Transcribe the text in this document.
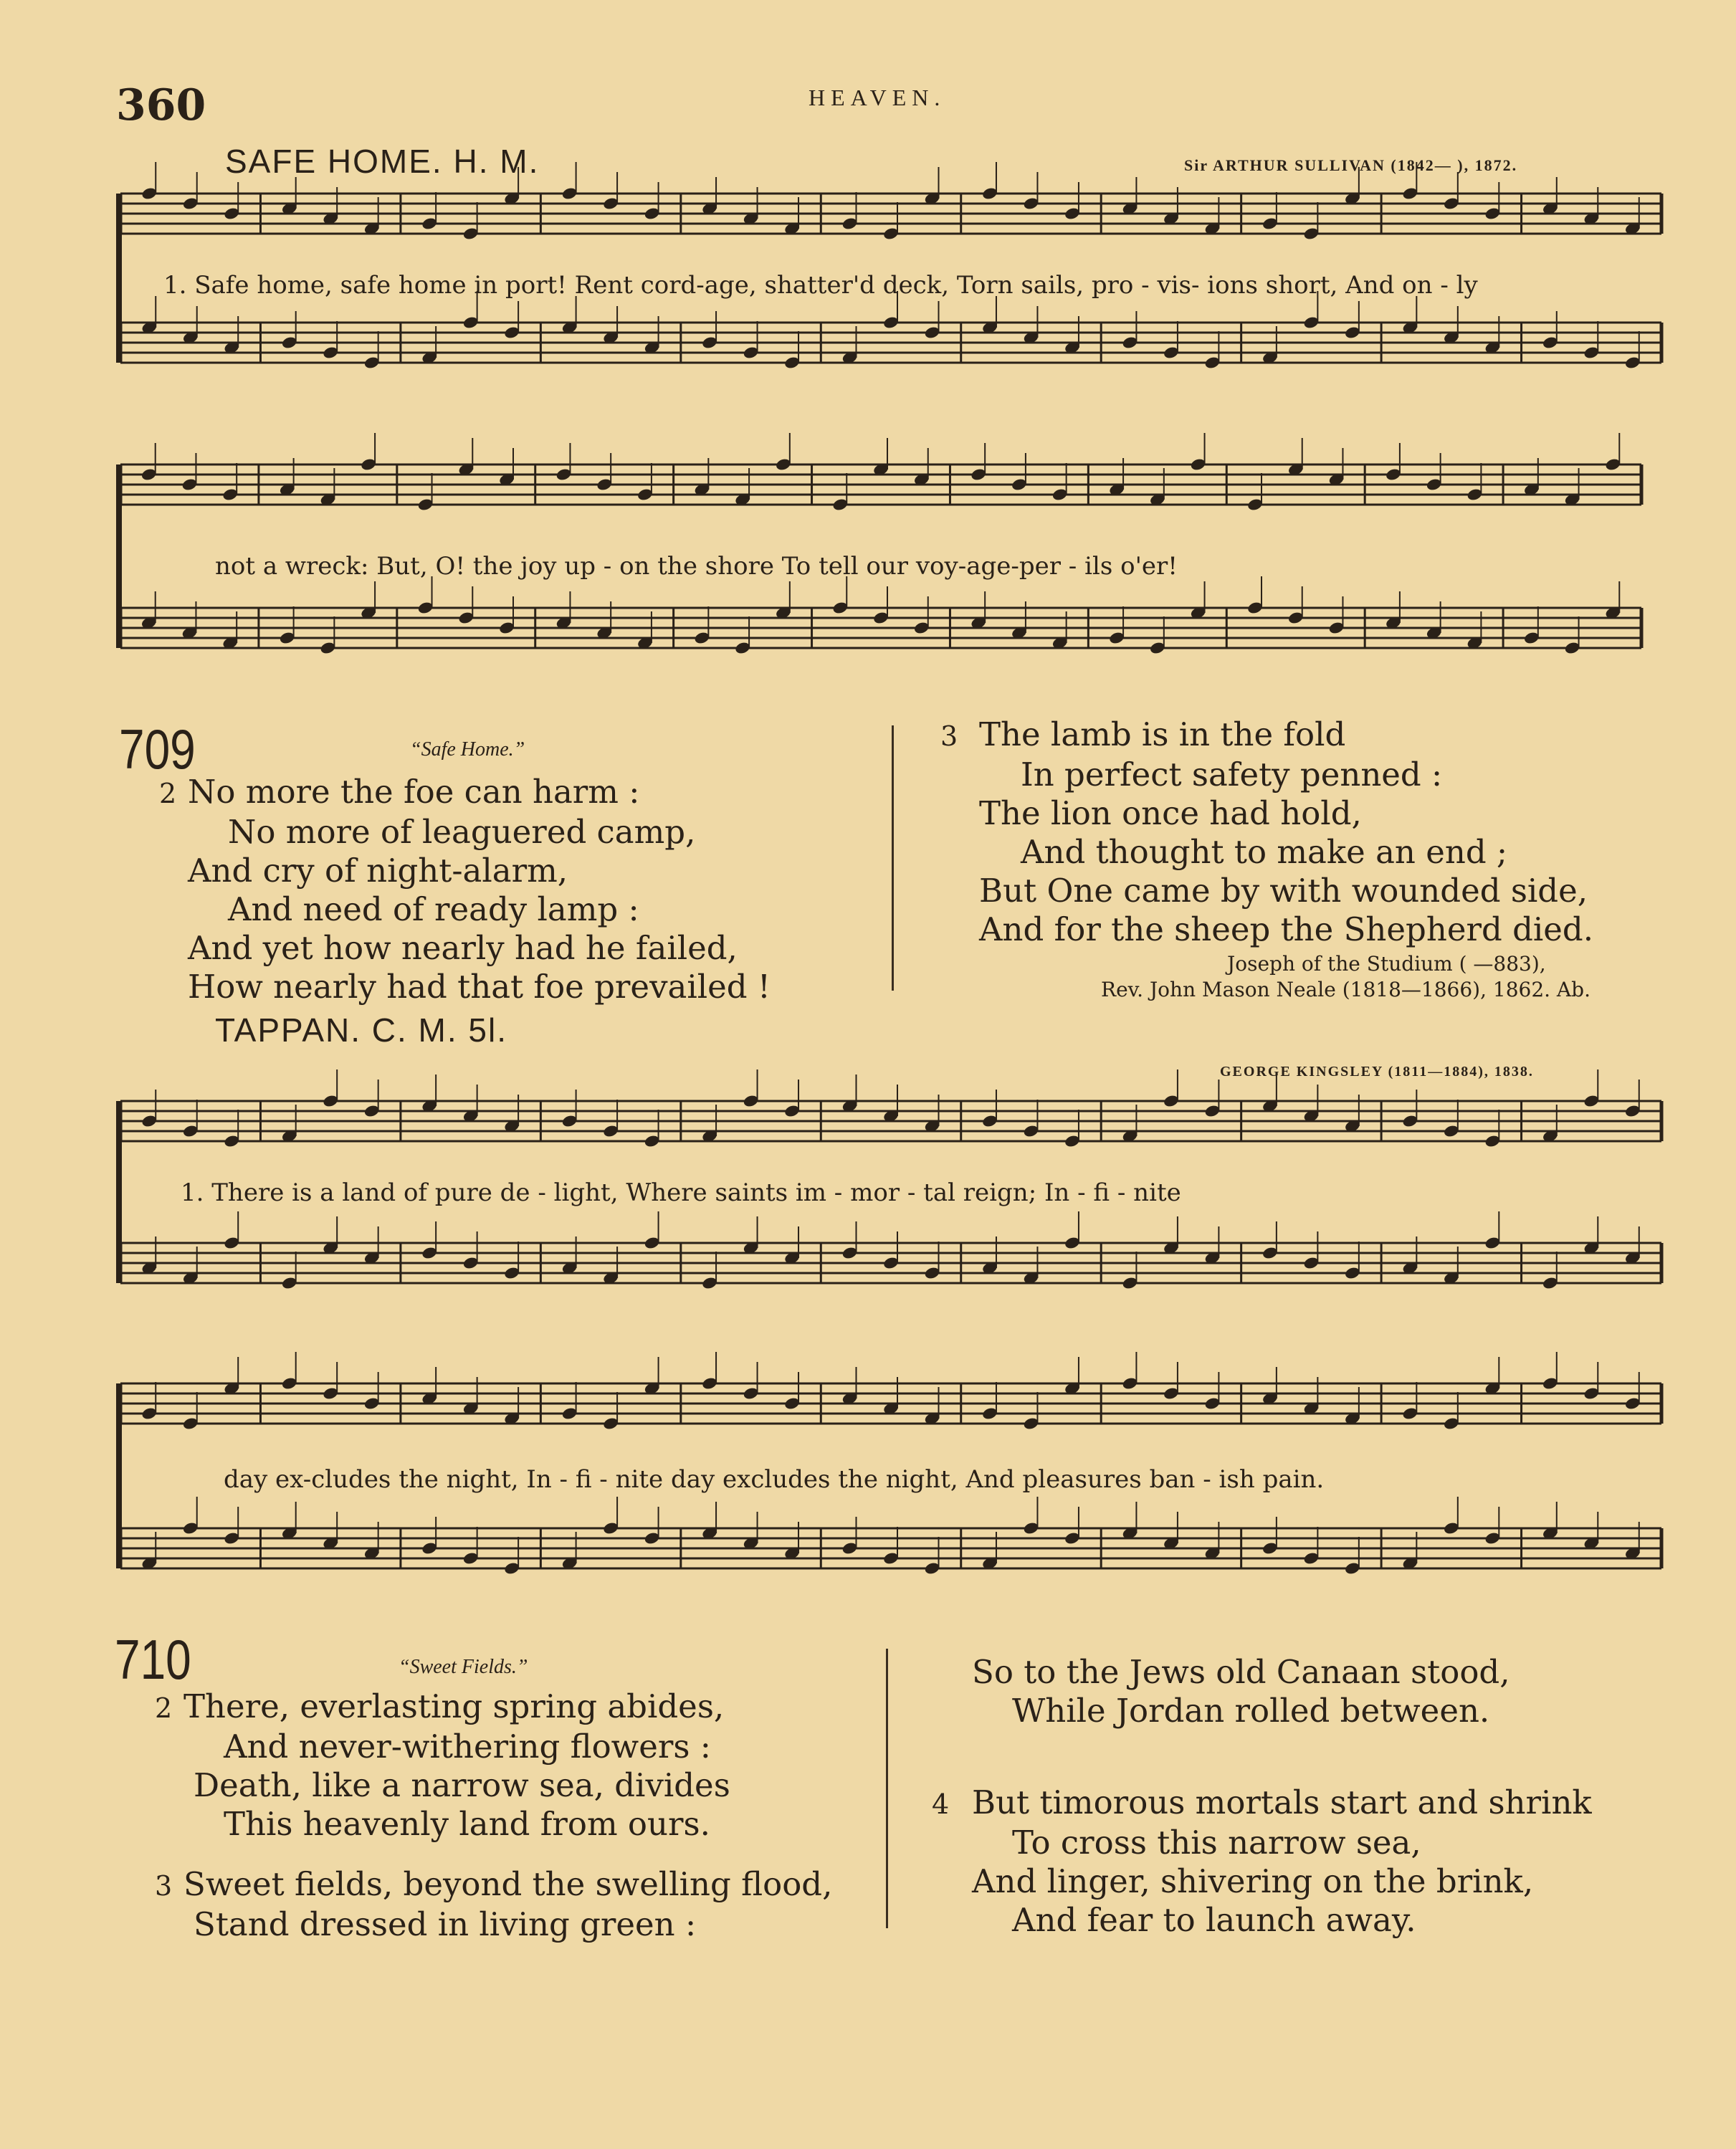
360	HEAVEN.
SAFE HOME. H. M.	Sir ARTHUR SULLIVAN (1842— ), 1872.
1. Safe home, safe home in port! Rent cord-age, shatter'd deck, Torn sails, pro - vis- ions short, And on - ly
not a wreck: But, O! the joy up - on the shore To tell our voy-age-per - ils o'er!
709	“Safe Home.”
2 No more the foe can harm :
No more of leaguered camp,
And cry of night-alarm,
And need of ready lamp :
And yet how nearly had he failed,
How nearly had that foe prevailed !
3 The lamb is in the fold
In perfect safety penned :
The lion once had hold,
And thought to make an end ;
But One came by with wounded side,
And for the sheep the Shepherd died.
Joseph of the Studium ( —883),
Rev. John Mason Neale (1818—1866), 1862. Ab.
TAPPAN. C. M. 5l.
GEORGE KINGSLEY (1811—1884), 1838.
1. There is a land of pure de - light, Where saints im - mor - tal reign; In - fi - nite
day ex-cludes the night, In - fi - nite day excludes the night, And pleasures ban - ish pain.
710	“Sweet Fields.”
2 There, everlasting spring abides,
And never-withering flowers :
Death, like a narrow sea, divides
This heavenly land from ours.
3 Sweet fields, beyond the swelling flood,
Stand dressed in living green :
So to the Jews old Canaan stood,
While Jordan rolled between.
4 But timorous mortals start and shrink
To cross this narrow sea,
And linger, shivering on the brink,
And fear to launch away.
